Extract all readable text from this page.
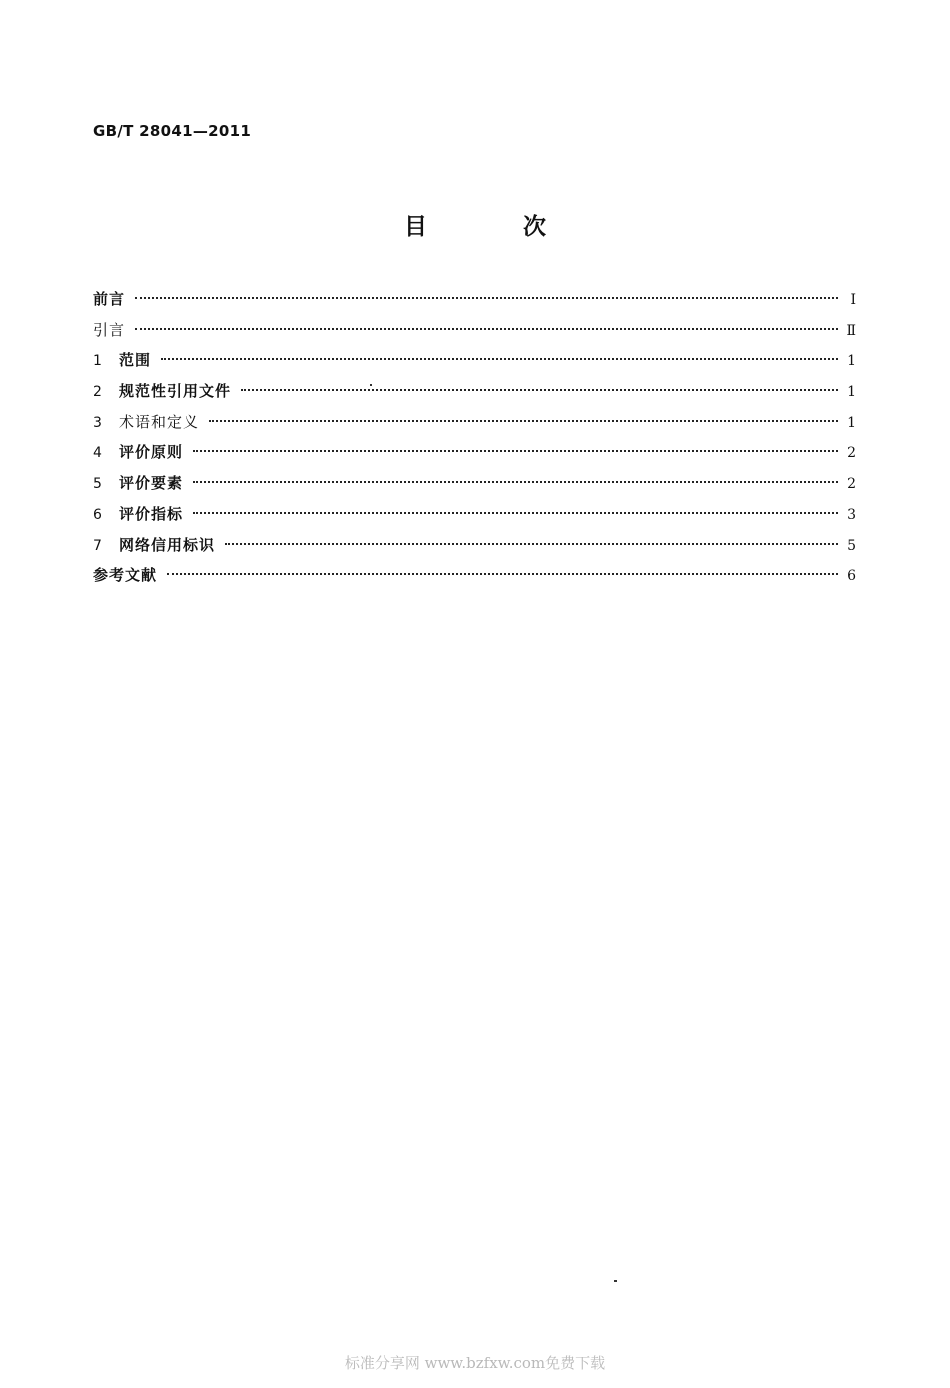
GB/T 28041—2011
目 次
前言	Ⅰ
引言	Ⅱ
1	范围	1
2	规范性引用文件	1
3	术语和定义	1
4	评价原则	2
5	评价要素	2
6	评价指标	3
7	网络信用标识	5
参考文献	6
标准分享网 www.bzfxw.com免费下载
